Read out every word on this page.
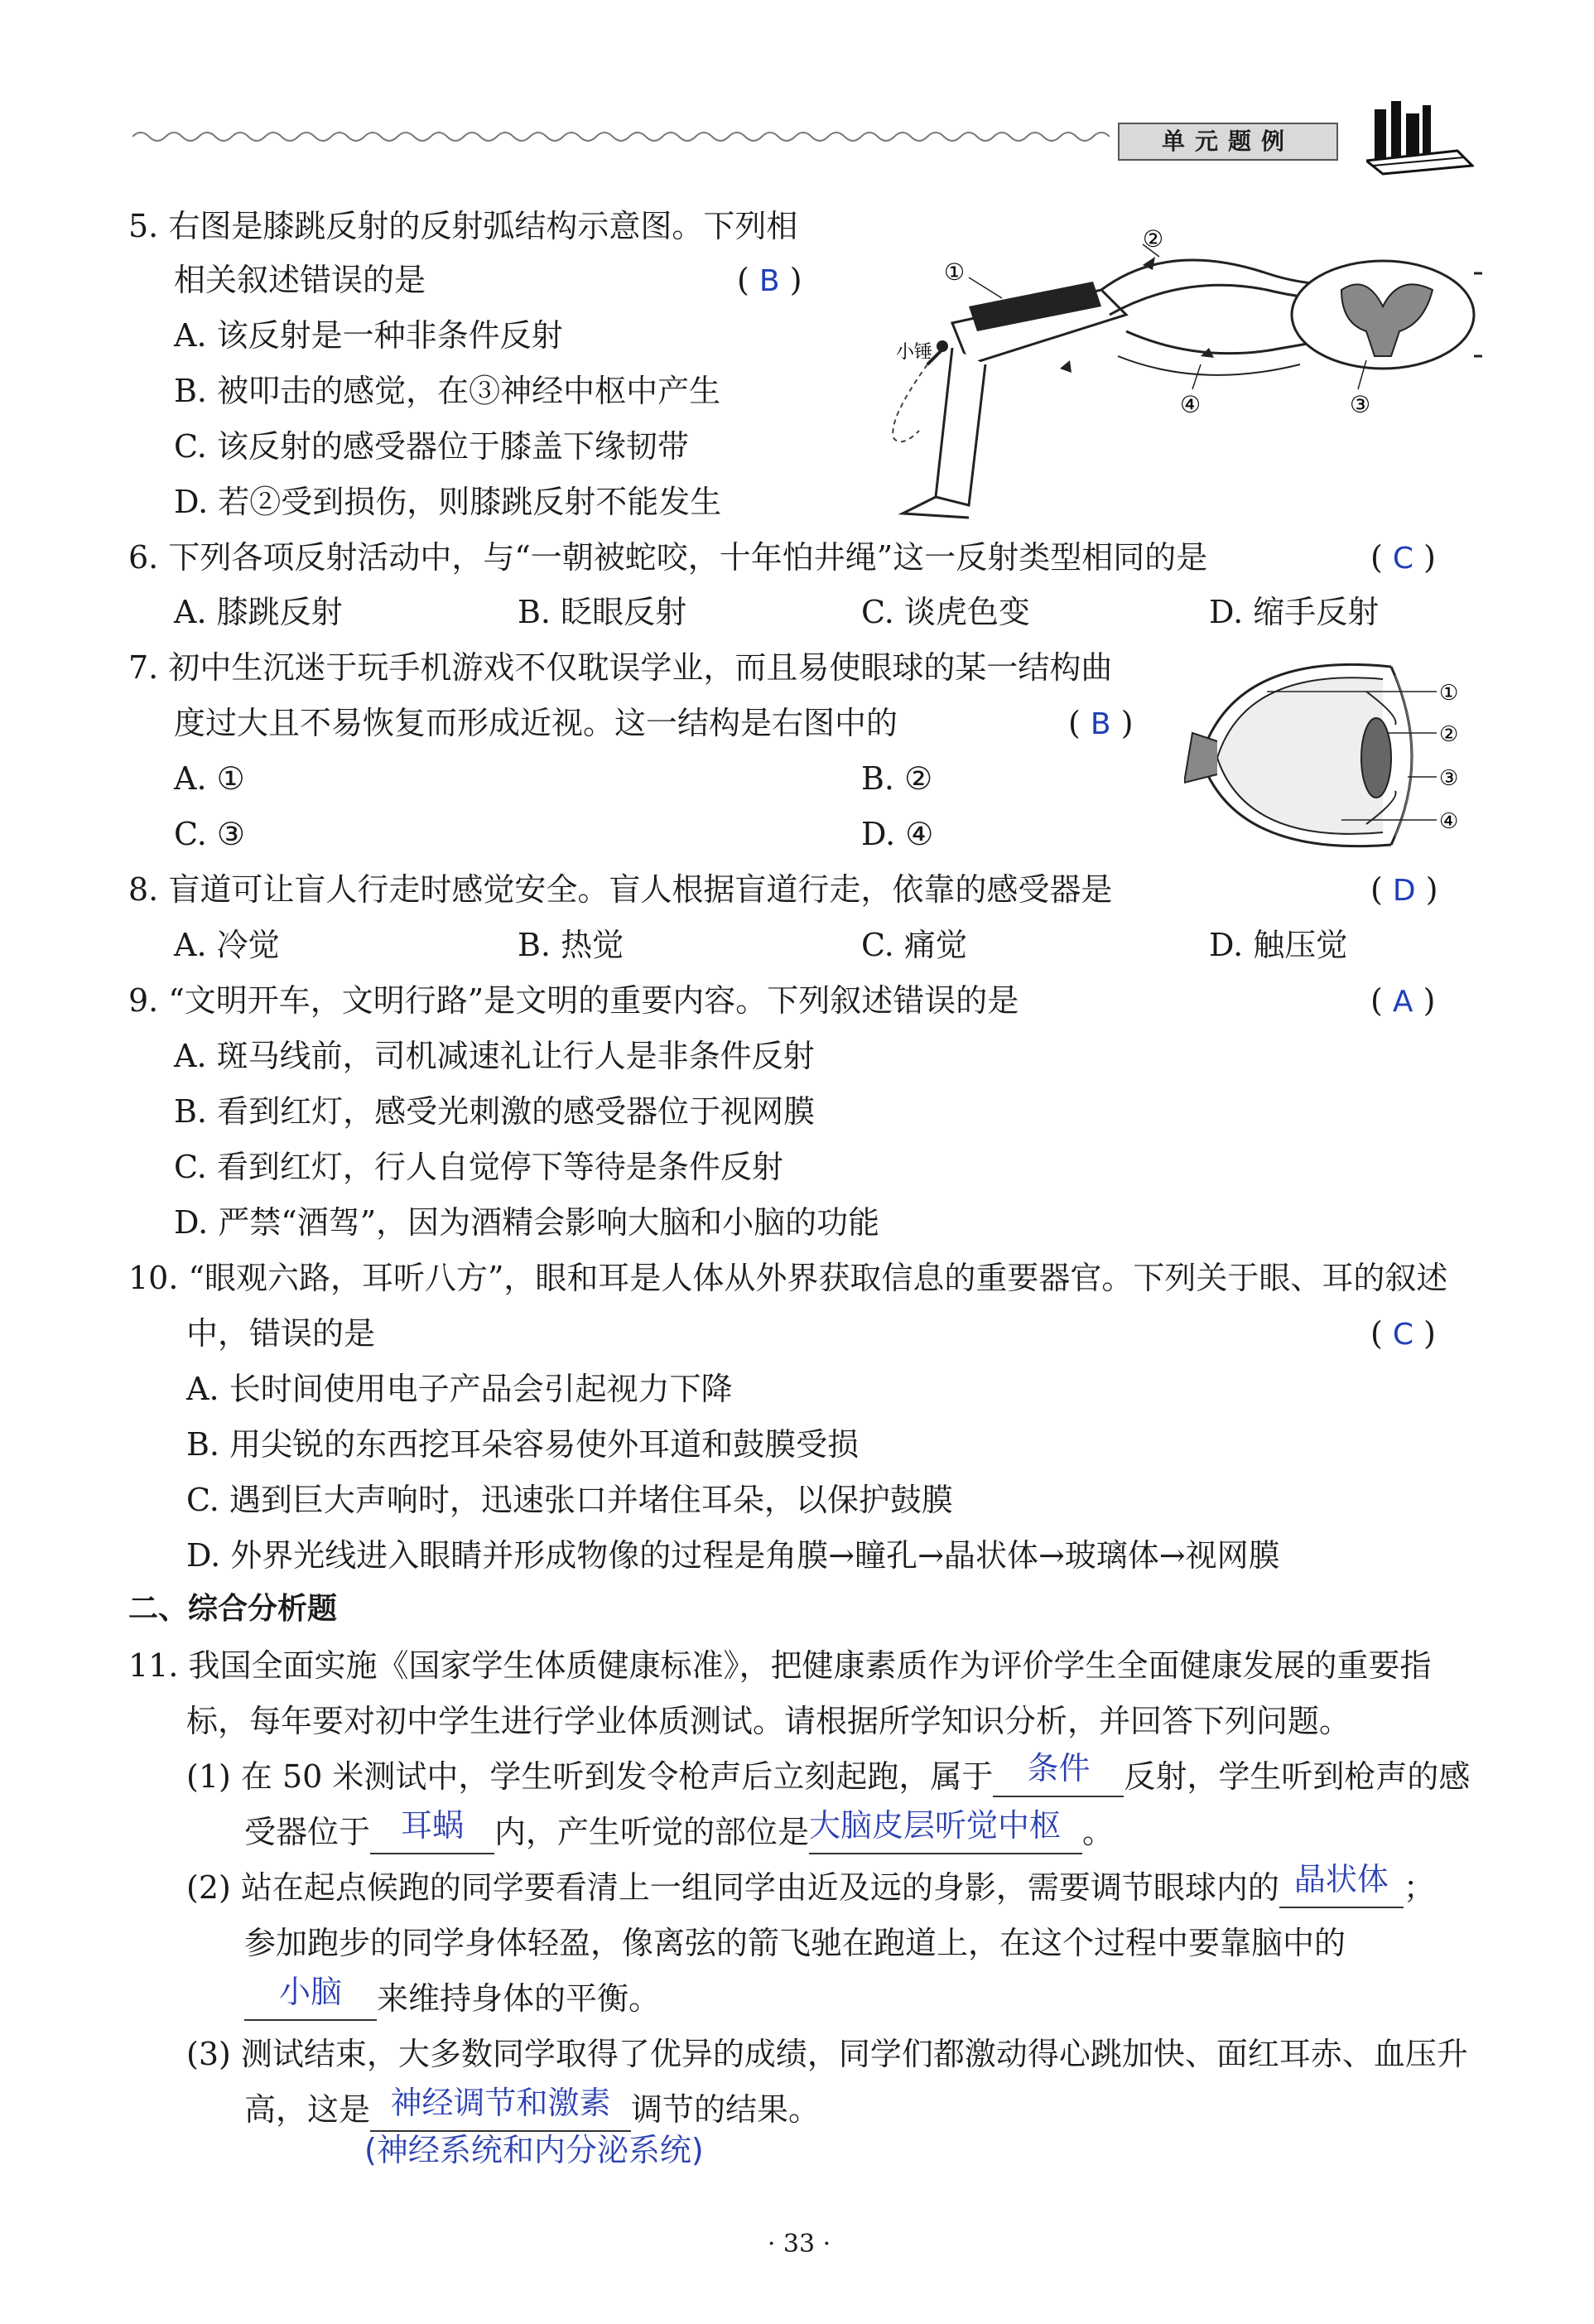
单元题例
5. 右图是膝跳反射的反射弧结构示意图。下列相
相关叙述错误的是	( B )
A. 该反射是一种非条件反射
B. 被叩击的感觉，在③神经中枢中产生
C. 该反射的感受器位于膝盖下缘韧带
D. 若②受到损伤，则膝跳反射不能发生
①
②
③
④
小锤
6. 下列各项反射活动中，与“一朝被蛇咬，十年怕井绳”这一反射类型相同的是	( C )
A. 膝跳反射	B. 眨眼反射	C. 谈虎色变	D. 缩手反射
7. 初中生沉迷于玩手机游戏不仅耽误学业，而且易使眼球的某一结构曲
度过大且不易恢复而形成近视。这一结构是右图中的	( B )
A. ①	B. ②
C. ③	D. ④
①
②
③
④
8. 盲道可让盲人行走时感觉安全。盲人根据盲道行走，依靠的感受器是	( D )
A. 冷觉	B. 热觉	C. 痛觉	D. 触压觉
9. “文明开车，文明行路”是文明的重要内容。下列叙述错误的是	( A )
A. 斑马线前，司机减速礼让行人是非条件反射
B. 看到红灯，感受光刺激的感受器位于视网膜
C. 看到红灯，行人自觉停下等待是条件反射
D. 严禁“酒驾”，因为酒精会影响大脑和小脑的功能
10. “眼观六路，耳听八方”，眼和耳是人体从外界获取信息的重要器官。下列关于眼、耳的叙述
中，错误的是	( C )
A. 长时间使用电子产品会引起视力下降
B. 用尖锐的东西挖耳朵容易使外耳道和鼓膜受损
C. 遇到巨大声响时，迅速张口并堵住耳朵，以保护鼓膜
D. 外界光线进入眼睛并形成物像的过程是角膜→瞳孔→晶状体→玻璃体→视网膜
二、综合分析题
11. 我国全面实施《国家学生体质健康标准》，把健康素质作为评价学生全面健康发展的重要指
标，每年要对初中学生进行学业体质测试。请根据所学知识分析，并回答下列问题。
(1) 在 50 米测试中，学生听到发令枪声后立刻起跑，属于 条件 反射，学生听到枪声的感
受器位于 耳蜗 内，产生听觉的部位是大脑皮层听觉中枢 。
(2) 站在起点候跑的同学要看清上一组同学由近及远的身影，需要调节眼球内的 晶状体 ；
参加跑步的同学身体轻盈，像离弦的箭飞驰在跑道上，在这个过程中要靠脑中的
小脑 来维持身体的平衡。
(3) 测试结束，大多数同学取得了优异的成绩，同学们都激动得心跳加快、面红耳赤、血压升
高，这是 神经调节和激素 调节的结果。
(神经系统和内分泌系统)
· 33 ·
